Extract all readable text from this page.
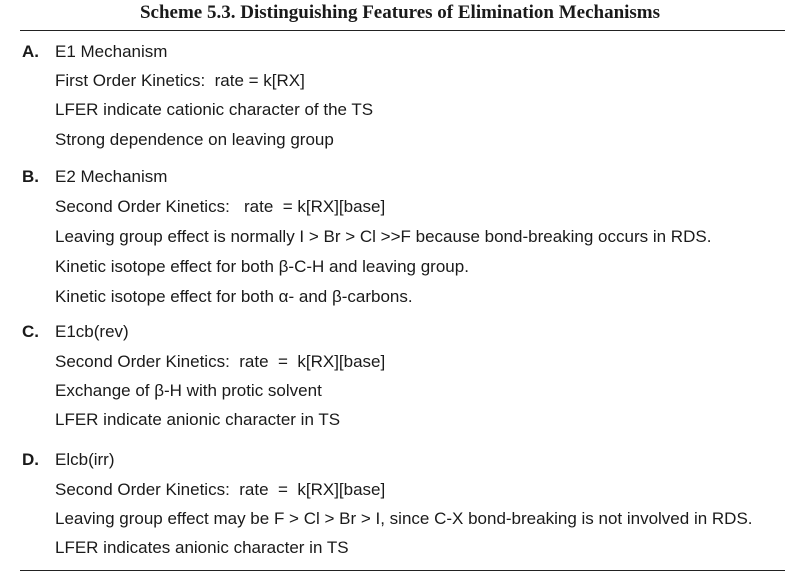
Scheme 5.3. Distinguishing Features of Elimination Mechanisms
A. E1 Mechanism
First Order Kinetics:  rate = k[RX]
LFER indicate cationic character of the TS
Strong dependence on leaving group
B. E2 Mechanism
Second Order Kinetics:   rate  = k[RX][base]
Leaving group effect is normally I > Br > Cl >>F because bond-breaking occurs in RDS.
Kinetic isotope effect for both β-C-H and leaving group.
Kinetic isotope effect for both α- and β-carbons.
C. E1cb(rev)
Second Order Kinetics:  rate  =  k[RX][base]
Exchange of β-H with protic solvent
LFER indicate anionic character in TS
D. Elcb(irr)
Second Order Kinetics:  rate  =  k[RX][base]
Leaving group effect may be F > Cl > Br > I, since C-X bond-breaking is not involved in RDS.
LFER indicates anionic character in TS
